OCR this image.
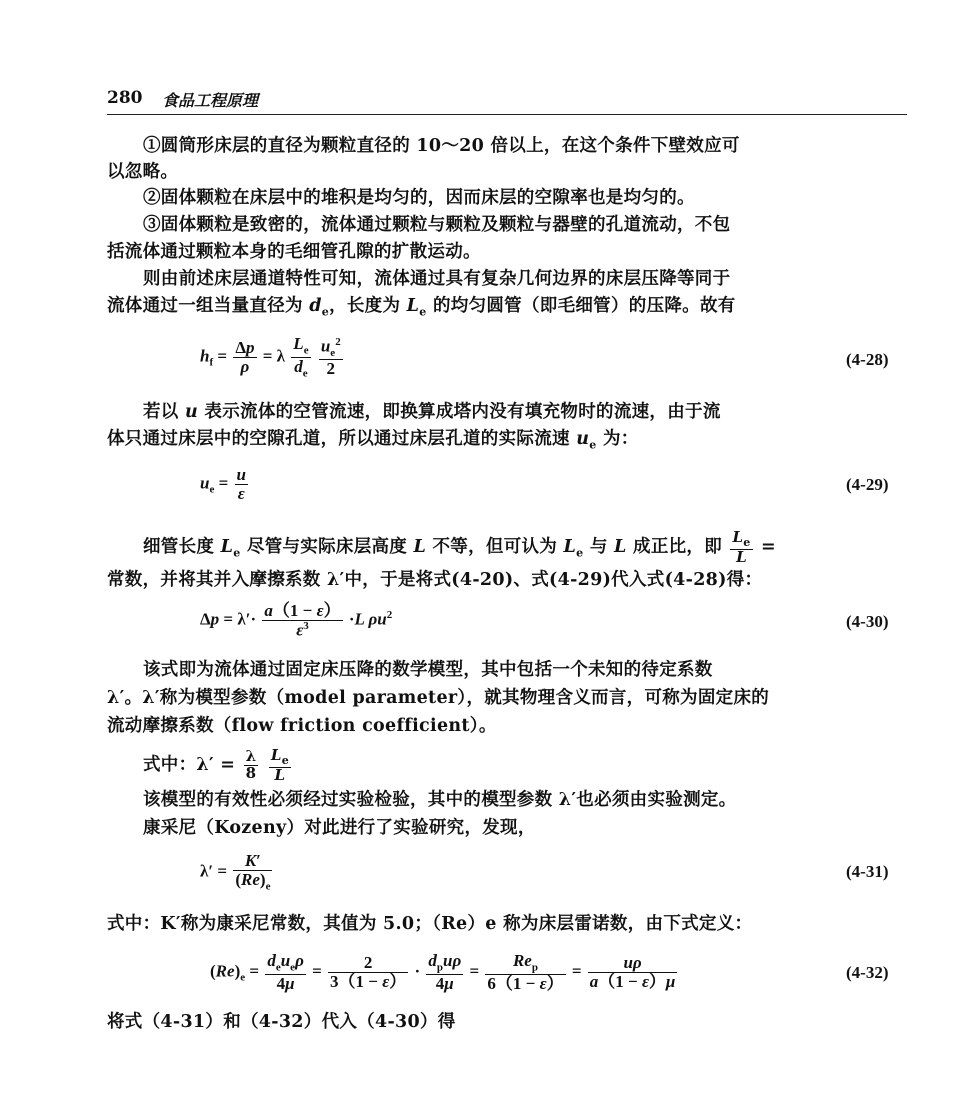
280 食品工程原理
①圆筒形床层的直径为颗粒直径的 10～20 倍以上，在这个条件下壁效应可
以忽略。
②固体颗粒在床层中的堆积是均匀的，因而床层的空隙率也是均匀的。
③固体颗粒是致密的，流体通过颗粒与颗粒及颗粒与器壁的孔道流动，不包
括流体通过颗粒本身的毛细管孔隙的扩散运动。
则由前述床层通道特性可知，流体通过具有复杂几何边界的床层压降等同于
流体通过一组当量直径为 $d_e$，长度为 $L_e$ 的均匀圆管（即毛细管）的压降。故有
$h_f = \frac{\Delta p}{\rho} = \lambda \frac{L_e}{d_e}$
$\frac{u_e^2}{2}$	(4-28)
若以 u 表示流体的空管流速，即换算成塔内没有填充物时的流速，由于流
体只通过床层中的空隙孔道，所以通过床层孔道的实际流速 $u_e$ 为：
$u_e = \frac{u}{\varepsilon}$	(4-29)
细管长度 $L_e$ 尽管与实际床层高度 L 不等，但可认为 $L_e$ 与 L 成正比，即 $\frac{L_e}{L}$ =
常数，并将其并入摩擦系数 λ′中，于是将式(4-20)、式(4-29)代入式(4-28)得：
$\Delta p = \lambda'\cdot \frac{a(1 - \varepsilon)}{\varepsilon^3} \cdot L$ $\rho u^2$	(4-30)
该式即为流体通过固定床压降的数学模型，其中包括一个未知的待定系数
λ′。λ′称为模型参数（model parameter），就其物理含义而言，可称为固定床的
流动摩擦系数（flow friction coefficient）。
式中：$\lambda' = \frac{\lambda}{8}$
$\frac{L_e}{L}$
该模型的有效性必须经过实验检验，其中的模型参数 λ′也必须由实验测定。
康采尼（Kozeny）对此进行了实验研究，发现，
$\lambda' = \frac{K'}{(Re)_e}$	(4-31)
式中：K′称为康采尼常数，其值为 5.0；（Re）e 称为床层雷诺数，由下式定义：
$(Re)_e = \frac{d_eu_e\rho}{4\mu} = \frac{2}{3(1 - \varepsilon)} \cdot \frac{d_pu\rho}{4\mu} = \frac{Re_p}{6(1 - \varepsilon)} = \frac{u\rho}{a(1 - \varepsilon)\mu}$	(4-32)
将式（4-31）和（4-32）代入（4-30）得
